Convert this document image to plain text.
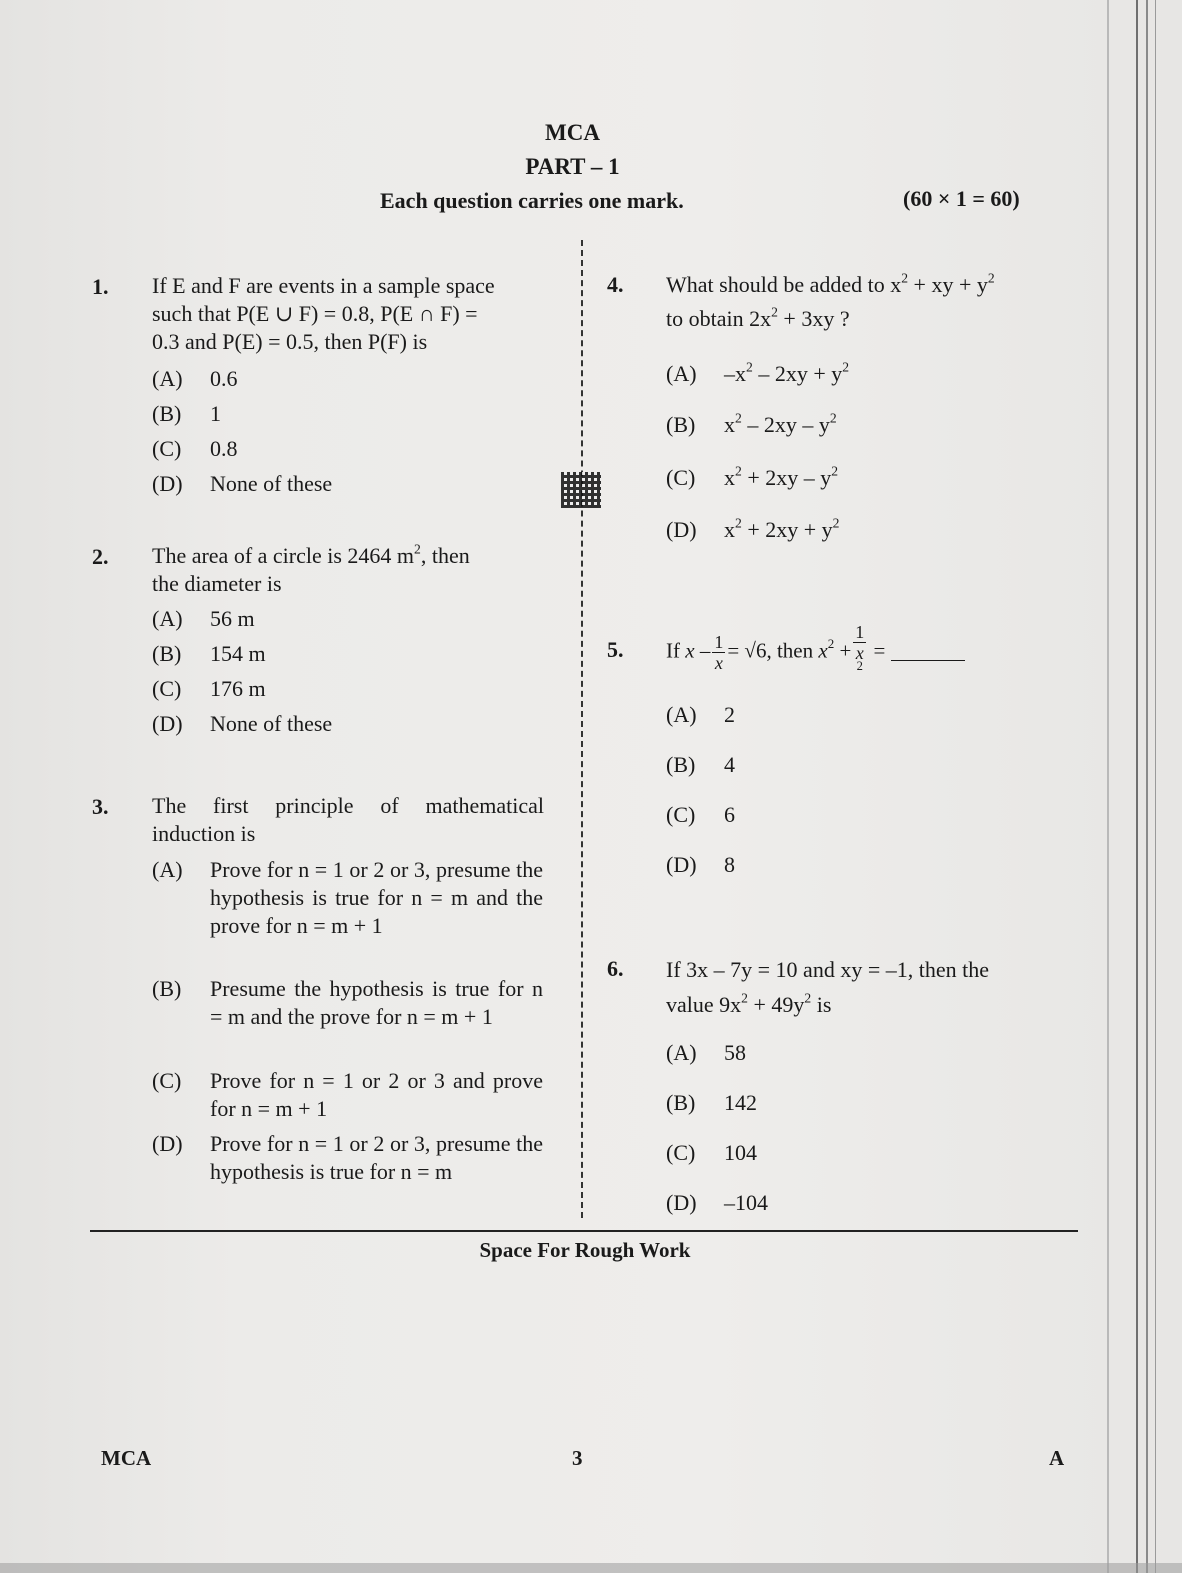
MCA
PART – 1
Each question carries one mark.	(60 × 1 = 60)
1. If E and F are events in a sample space
such that P(E ∪ F) = 0.8, P(E ∩ F) =
0.3 and P(E) = 0.5, then P(F) is
(A) 0.6
(B) 1
(C) 0.8
(D) None of these
2. The area of a circle is 2464 $m^2$, then
the diameter is
(A) 56 m
(B) 154 m
(C) 176 m
(D) None of these
3. The first principle of mathematical induction is
(A) Prove for n = 1 or 2 or 3, presume the hypothesis is true for n = m and the prove for n = m + 1
(B) Presume the hypothesis is true for n = m and the prove for n = m + 1
(C) Prove for n = 1 or 2 or 3 and prove for n = m + 1
(D) Prove for n = 1 or 2 or 3, presume the hypothesis is true for n = m
4. What should be added to $x^2$ + xy + $y^2$
to obtain $2x^2 + 3xy$ ?
(A) $-x^2 - 2xy + y^2$
(B) $x^2 - 2xy - y^2$
(C) $x^2 + 2xy - y^2$
(D) $x^2 + 2xy + y^2$
5. If $x - \frac{1}{x} = √6$, then $x^2$ +
1
x
$^2$ =
(A) 2
(B) 4
(C) 6
(D) 8
6. If 3x – 7y = 10 and xy = –1, then the
value $9x^2 + 49y^2$ is
(A) 58
(B) 142
(C) 104
(D) –104
Space For Rough Work
MCA	3	A
